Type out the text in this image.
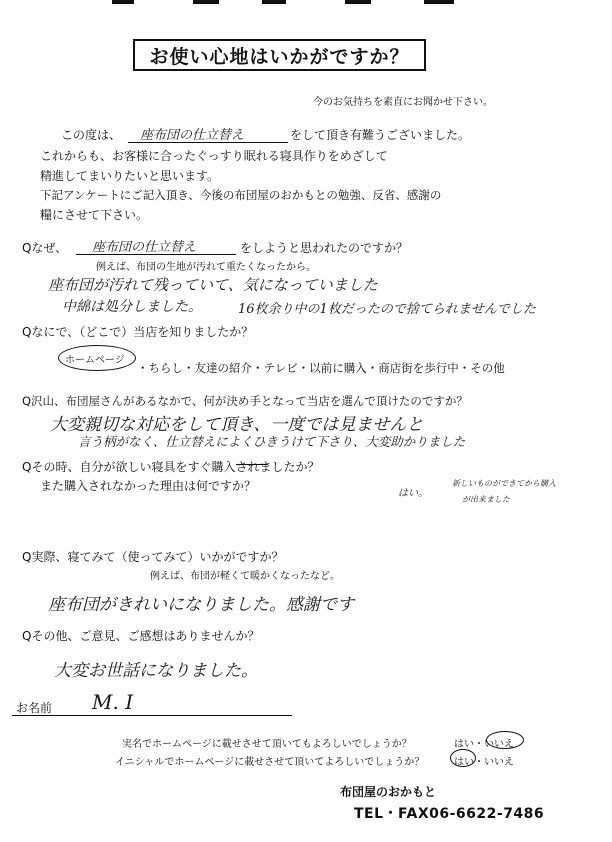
お使い心地はいかがですか？
今のお気持ちを素直にお聞かせ下さい。
この度は、 座布団の仕立替え	をして頂き有難うございました。
これからも、お客様に合ったぐっすり眠れる寝具作りをめざして
精進してまいりたいと思います。
下記アンケートにご記入頂き、今後の布団屋のおかもとの勉強、反省、感謝の
糧にさせて下さい。
Qなぜ、 座布団の仕立替え	をしようと思われたのですか？
例えば、布団の生地が汚れて重たくなったから。
座布団が汚れて残っていて、気になっていました
中綿は処分しました。	16枚余り中の1枚だったので捨てられませんでした
Qなにで、（どこで）当店を知りましたか？
ホームページ
・ちらし・友達の紹介・テレビ・以前に購入・商店街を歩行中・その他
Q沢山、布団屋さんがあるなかで、何が決め手となって当店を選んで頂けたのですか？
大変親切な対応をして頂き、一度では見ませんと
言う柄がなく、仕立替えによくひきうけて下さり、大変助かりました
Qその時、自分が欲しい寝具をすぐ購入されましたか？
また購入されなかった理由は何ですか？
はい。
新しいものができてから購入
が出来ました
Q実際、寝てみて（使ってみて）いかがですか？
例えば、布団が軽くて暖かくなったなど。
座布団がきれいになりました。感謝です
Qその他、ご意見、ご感想はありませんか？
大変お世話になりました。
お名前 M. I
実名でホームページに載せさせて頂いてもよろしいでしょうか？	はい・いいえ
イニシャルでホームページに載せさせて頂いてよろしいでしょうか？	はい・いいえ
布団屋のおかもと
TEL・FAX06-6622-7486
